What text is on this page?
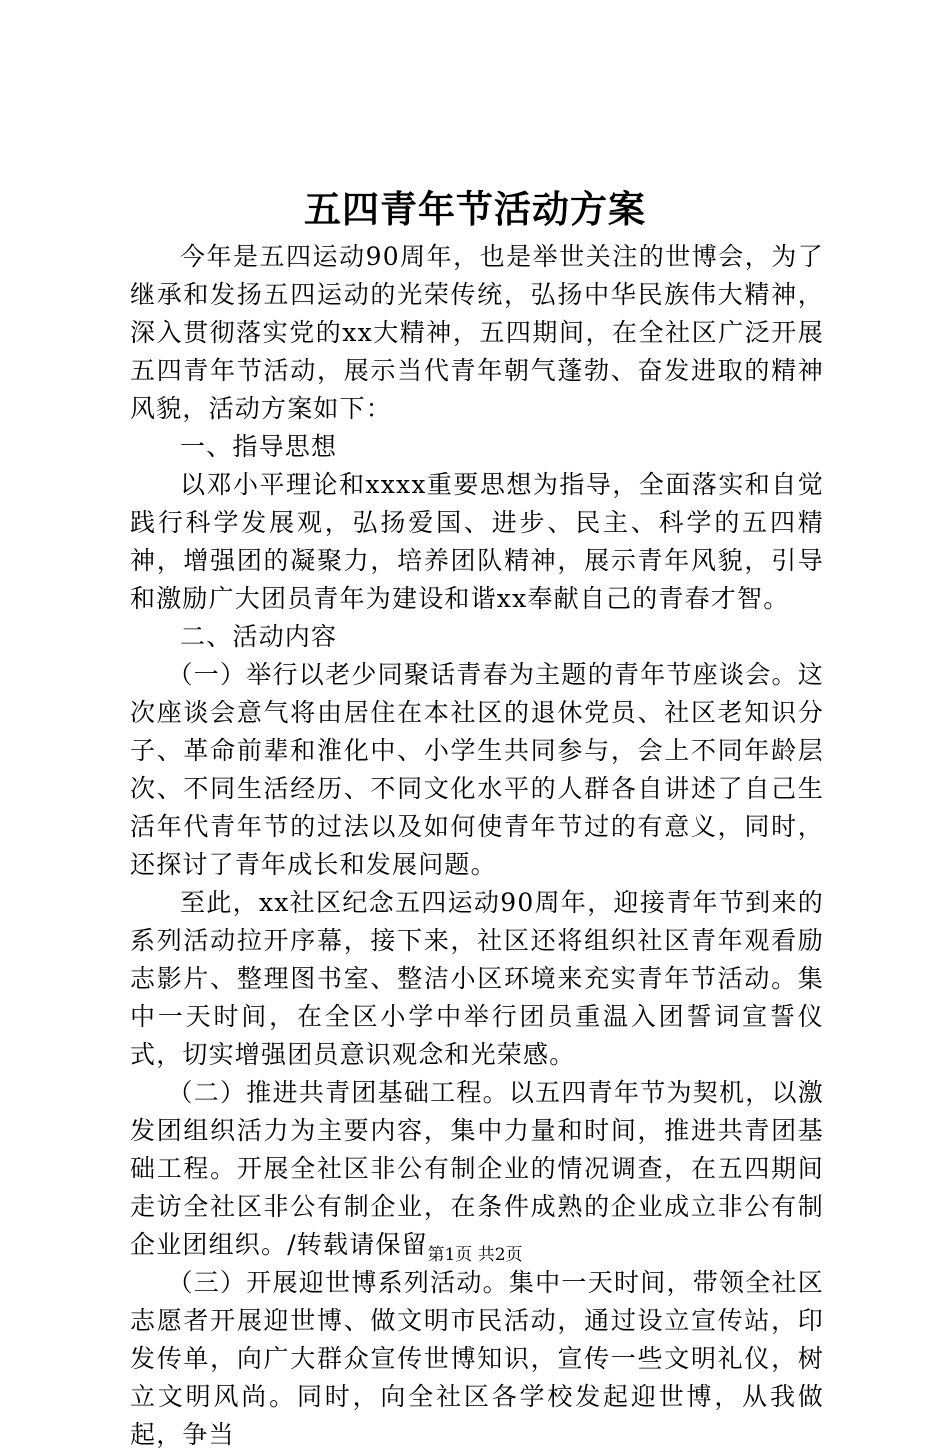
五四青年节活动方案

今年是五四运动90周年，也是举世关注的世博会，为了继承和发扬五四运动的光荣传统，弘扬中华民族伟大精神，深入贯彻落实党的xx大精神，五四期间，在全社区广泛开展五四青年节活动，展示当代青年朝气蓬勃、奋发进取的精神风貌，活动方案如下：

一、指导思想

以邓小平理论和xxxx重要思想为指导，全面落实和自觉践行科学发展观，弘扬爱国、进步、民主、科学的五四精神，增强团的凝聚力，培养团队精神，展示青年风貌，引导和激励广大团员青年为建设和谐xx奉献自己的青春才智。

二、活动内容

（一）举行以老少同聚话青春为主题的青年节座谈会。这次座谈会意气将由居住在本社区的退休党员、社区老知识分子、革命前辈和淮化中、小学生共同参与，会上不同年龄层次、不同生活经历、不同文化水平的人群各自讲述了自己生活年代青年节的过法以及如何使青年节过的有意义，同时，还探讨了青年成长和发展问题。

至此，xx社区纪念五四运动90周年，迎接青年节到来的系列活动拉开序幕，接下来，社区还将组织社区青年观看励志影片、整理图书室、整洁小区环境来充实青年节活动。集中一天时间，在全区小学中举行团员重温入团誓词宣誓仪式，切实增强团员意识观念和光荣感。

（二）推进共青团基础工程。以五四青年节为契机，以激发团组织活力为主要内容，集中力量和时间，推进共青团基础工程。开展全社区非公有制企业的情况调查，在五四期间走访全社区非公有制企业，在条件成熟的企业成立非公有制企业团组织。/转载请保留

（三）开展迎世博系列活动。集中一天时间，带领全社区志愿者开展迎世博、做文明市民活动，通过设立宣传站，印发传单，向广大群众宣传世博知识，宣传一些文明礼仪，树立文明风尚。同时，向全社区各学校发起迎世博，从我做起，争当

第1页 共2页
